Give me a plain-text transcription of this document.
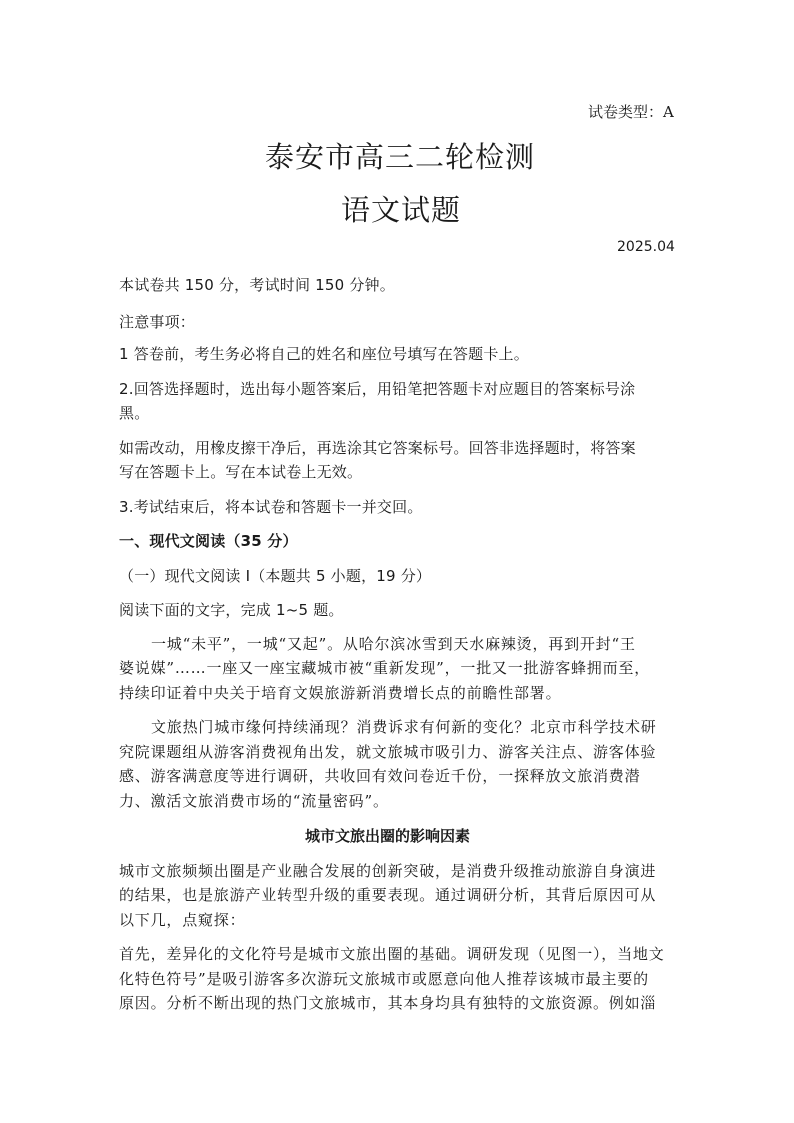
试卷类型：A
泰安市高三二轮检测
语文试题
2025.04
本试卷共 150 分，考试时间 150 分钟。
注意事项：
1 答卷前，考生务必将自己的姓名和座位号填写在答题卡上。
2.回答选择题时，选出每小题答案后，用铅笔把答题卡对应题目的答案标号涂
黑。
如需改动，用橡皮擦干净后，再选涂其它答案标号。回答非选择题时，将答案
写在答题卡上。写在本试卷上无效。
3.考试结束后，将本试卷和答题卡一并交回。
一、现代文阅读（35 分）
（一）现代文阅读 I（本题共 5 小题，19 分）
阅读下面的文字，完成 1~5 题。
一城“未平”，一城“又起”。从哈尔滨冰雪到天水麻辣烫，再到开封“王
婆说媒”……一座又一座宝藏城市被“重新发现”，一批又一批游客蜂拥而至，
持续印证着中央关于培育文娱旅游新消费增长点的前瞻性部署。
文旅热门城市缘何持续涌现？消费诉求有何新的变化？北京市科学技术研
究院课题组从游客消费视角出发，就文旅城市吸引力、游客关注点、游客体验
感、游客满意度等进行调研，共收回有效问卷近千份，一探释放文旅消费潜
力、激活文旅消费市场的“流量密码”。
城市文旅出圈的影响因素
城市文旅频频出圈是产业融合发展的创新突破，是消费升级推动旅游自身演进
的结果，也是旅游产业转型升级的重要表现。通过调研分析，其背后原因可从
以下几，点窥探：
首先，差异化的文化符号是城市文旅出圈的基础。调研发现（见图一），当地文
化特色符号”是吸引游客多次游玩文旅城市或愿意向他人推荐该城市最主要的
原因。分析不断出现的热门文旅城市，其本身均具有独特的文旅资源。例如淄
